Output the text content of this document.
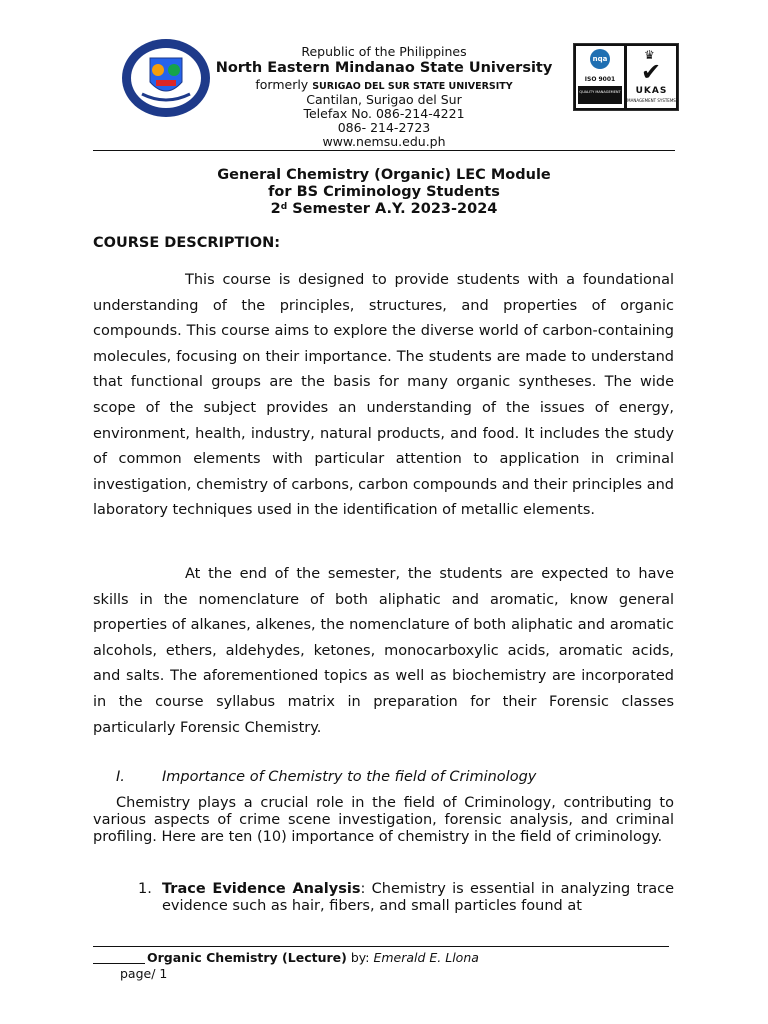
Republic of the Philippines
North Eastern Mindanao State University
formerly SURIGAO DEL SUR STATE UNIVERSITY
Cantilan, Surigao del Sur
Telefax No. 086-214-4221
086- 214-2723
www.nemsu.edu.ph
nqa
ISO 9001
QUALITY MANAGEMENT
♛
✔
UKAS
MANAGEMENT SYSTEMS
General Chemistry (Organic) LEC Module
for BS Criminology Students
2$^d$ Semester A.Y. 2023-2024
COURSE DESCRIPTION:
This course is designed to provide students with a foundational understanding of the principles, structures, and properties of organic compounds. This course aims to explore the diverse world of carbon-containing molecules, focusing on their importance. The students are made to understand that functional groups are the basis for many organic syntheses. The wide scope of the subject provides an understanding of the issues of energy, environment, health, industry, natural products, and food. It includes the study of common elements with particular attention to application in criminal investigation, chemistry of carbons, carbon compounds and their principles and laboratory techniques used in the identification of metallic elements.
At the end of the semester, the students are expected to have skills in the nomenclature of both aliphatic and aromatic, know general properties of alkanes, alkenes, the nomenclature of both aliphatic and aromatic alcohols, ethers, aldehydes, ketones, monocarboxylic acids, aromatic acids, and salts. The aforementioned topics as well as biochemistry are incorporated in the course syllabus matrix in preparation for their Forensic classes particularly Forensic Chemistry.
I.	Importance of Chemistry to the field of Criminology
Chemistry plays a crucial role in the field of Criminology, contributing to various aspects of crime scene investigation, forensic analysis, and criminal profiling. Here are ten (10) importance of chemistry in the field of criminology.
1. Trace Evidence Analysis: Chemistry is essential in analyzing trace evidence such as hair, fibers, and small particles found at
Organic Chemistry (Lecture) by: Emerald E. Llona
page/ 1
